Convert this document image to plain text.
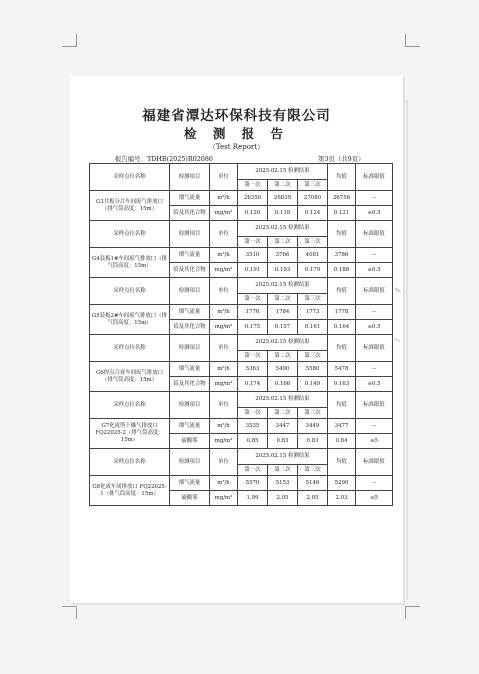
⁄⁄
⁄
福建省潭达环保科技有限公司
检 测 报 告
（Test Report）
报告编号：TDHB(2025)R02086	第3页（共9页）
采样点位名称	检测项目	单位	2025.02.15 检测结果			均值	标准限值
			第一次	第二次	第三次		
G3共板分片车间废气排放口（排气筒高度：15m）	烟气流量	m³/h	26350	26839	27080	26756	--
	铅及其化合物	mg/m³	0.120	0.118	0.124	0.121	≤0.5
采样点位名称	检测项目	单位	2025.02.15 检测结果			均值	标准限值
			第一次	第二次	第三次		
G4装板1#车间废气排放口（排气筒高度：15m）	烟气流量	m³/h	3510	3766	4081	3786	--
	铅及其化合物	mg/m³	0.191	0.193	0.179	0.188	≤0.5
采样点位名称	检测项目	单位	2025.02.15 检测结果			均值	标准限值
			第一次	第二次	第三次		
G5装板2#车间废气排放口（排气筒高度：15m）	烟气流量	m³/h	1776	1784	1773	1778	--
	铅及其化合物	mg/m³	0.175	0.157	0.161	0.164	≤0.5
采样点位名称	检测项目	单位	2025.02.15 检测结果			均值	标准限值
			第一次	第二次	第三次		
G6焊点合膏车间废气排放口（排气筒高度：15m）	烟气流量	m³/h	5363	5490	5580	5478	--
	铅及其化合物	mg/m³	0.174	0.166	0.149	0.163	≤0.5
采样点位名称	检测项目	单位	2025.02.15 检测结果			均值	标准限值
			第一次	第二次	第三次		
G7化成剪干燥气排放口 FQ22025-2（排气筒高度：15m）	烟气流量	m³/h	3535	3447	3449	3477	--
	硫酸雾	mg/m³	0.85	0.83	0.83	0.84	≤5
采样点位名称	检测项目	单位	2025.02.15 检测结果			均值	标准限值
			第一次	第二次	第三次		
G8化成车间排放口 FQ22025-1（排气筒高度：15m）	烟气流量	m³/h	5570	5153	5146	5290	--
	硫酸雾	mg/m³	1.99	2.05	2.05	2.03	≤5
